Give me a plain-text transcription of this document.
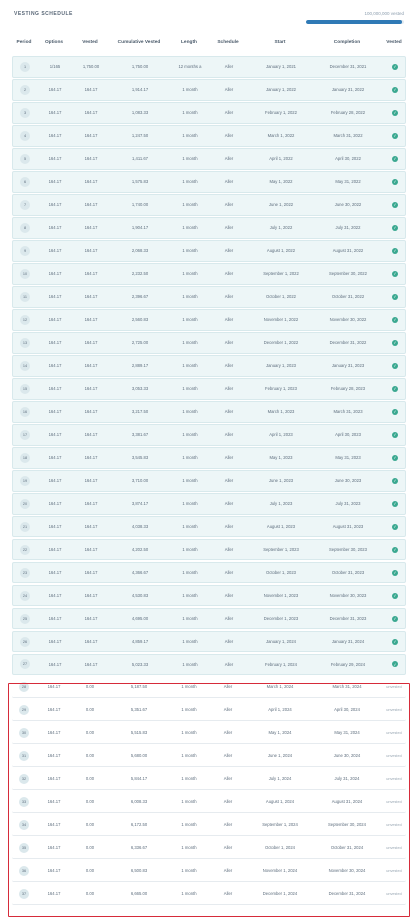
VESTING SCHEDULE	100,000,000 vested
Period	Options	Vested	Cumulative Vested	Length	Schedule	Start	Completion	Vested
1	1/165	1,750.00	1,750.00	12 months a	Aller	January 1, 2021	December 31, 2021	✓
2	164.17	164.17	1,914.17	1 month	Aller	January 1, 2022	January 31, 2022	✓
3	164.17	164.17	1,083.33	1 month	Aller	February 1, 2022	February 28, 2022	✓
4	164.17	164.17	1,247.50	1 month	Aller	March 1, 2022	March 31, 2022	✓
5	164.17	164.17	1,411.67	1 month	Aller	April 1, 2022	April 30, 2022	✓
6	164.17	164.17	1,575.83	1 month	Aller	May 1, 2022	May 31, 2022	✓
7	164.17	164.17	1,740.00	1 month	Aller	June 1, 2022	June 30, 2022	✓
8	164.17	164.17	1,904.17	1 month	Aller	July 1, 2022	July 31, 2022	✓
9	164.17	164.17	2,068.33	1 month	Aller	August 1, 2022	August 31, 2022	✓
10	164.17	164.17	2,232.50	1 month	Aller	September 1, 2022	September 30, 2022	✓
11	164.17	164.17	2,396.67	1 month	Aller	October 1, 2022	October 31, 2022	✓
12	164.17	164.17	2,560.83	1 month	Aller	November 1, 2022	November 30, 2022	✓
13	164.17	164.17	2,725.00	1 month	Aller	December 1, 2022	December 31, 2022	✓
14	164.17	164.17	2,889.17	1 month	Aller	January 1, 2023	January 31, 2023	✓
15	164.17	164.17	3,053.33	1 month	Aller	February 1, 2023	February 28, 2023	✓
16	164.17	164.17	3,217.50	1 month	Aller	March 1, 2023	March 31, 2023	✓
17	164.17	164.17	3,381.67	1 month	Aller	April 1, 2023	April 30, 2023	✓
18	164.17	164.17	3,545.83	1 month	Aller	May 1, 2023	May 31, 2023	✓
19	164.17	164.17	3,710.00	1 month	Aller	June 1, 2023	June 30, 2023	✓
20	164.17	164.17	3,874.17	1 month	Aller	July 1, 2023	July 31, 2023	✓
21	164.17	164.17	4,038.33	1 month	Aller	August 1, 2023	August 31, 2023	✓
22	164.17	164.17	4,202.50	1 month	Aller	September 1, 2023	September 30, 2023	✓
23	164.17	164.17	4,366.67	1 month	Aller	October 1, 2023	October 31, 2023	✓
24	164.17	164.17	4,530.83	1 month	Aller	November 1, 2023	November 30, 2023	✓
25	164.17	164.17	4,695.00	1 month	Aller	December 1, 2023	December 31, 2023	✓
26	164.17	164.17	4,859.17	1 month	Aller	January 1, 2024	January 31, 2024	✓
27	164.17	164.17	5,023.33	1 month	Aller	February 1, 2024	February 29, 2024	✓
28	164.17	0.00	5,187.50	1 month	Aller	March 1, 2024	March 31, 2024	unvested
29	164.17	0.00	5,351.67	1 month	Aller	April 1, 2024	April 30, 2024	unvested
30	164.17	0.00	5,515.83	1 month	Aller	May 1, 2024	May 31, 2024	unvested
31	164.17	0.00	5,680.00	1 month	Aller	June 1, 2024	June 30, 2024	unvested
32	164.17	0.00	5,844.17	1 month	Aller	July 1, 2024	July 31, 2024	unvested
33	164.17	0.00	6,008.33	1 month	Aller	August 1, 2024	August 31, 2024	unvested
34	164.17	0.00	6,172.50	1 month	Aller	September 1, 2024	September 30, 2024	unvested
35	164.17	0.00	6,336.67	1 month	Aller	October 1, 2024	October 31, 2024	unvested
36	164.17	0.00	6,500.83	1 month	Aller	November 1, 2024	November 30, 2024	unvested
37	164.17	0.00	6,665.00	1 month	Aller	December 1, 2024	December 31, 2024	unvested
